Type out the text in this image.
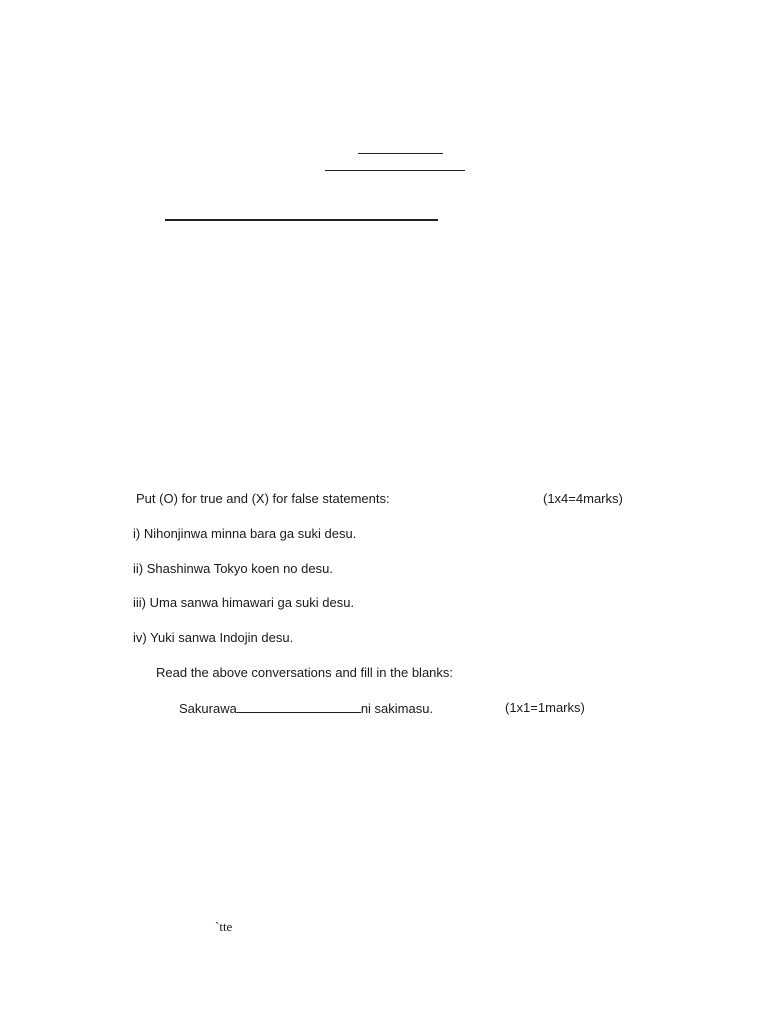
Put (O) for true and (X) for false statements:	(1x4=4marks)
i) Nihonjinwa minna bara ga suki desu.
ii) Shashinwa Tokyo koen no desu.
iii) Uma sanwa himawari ga suki desu.
iv) Yuki sanwa Indojin desu.
Read the above conversations and fill in the blanks:
Sakurawa	ni sakimasu.	(1x1=1marks)
`tte
